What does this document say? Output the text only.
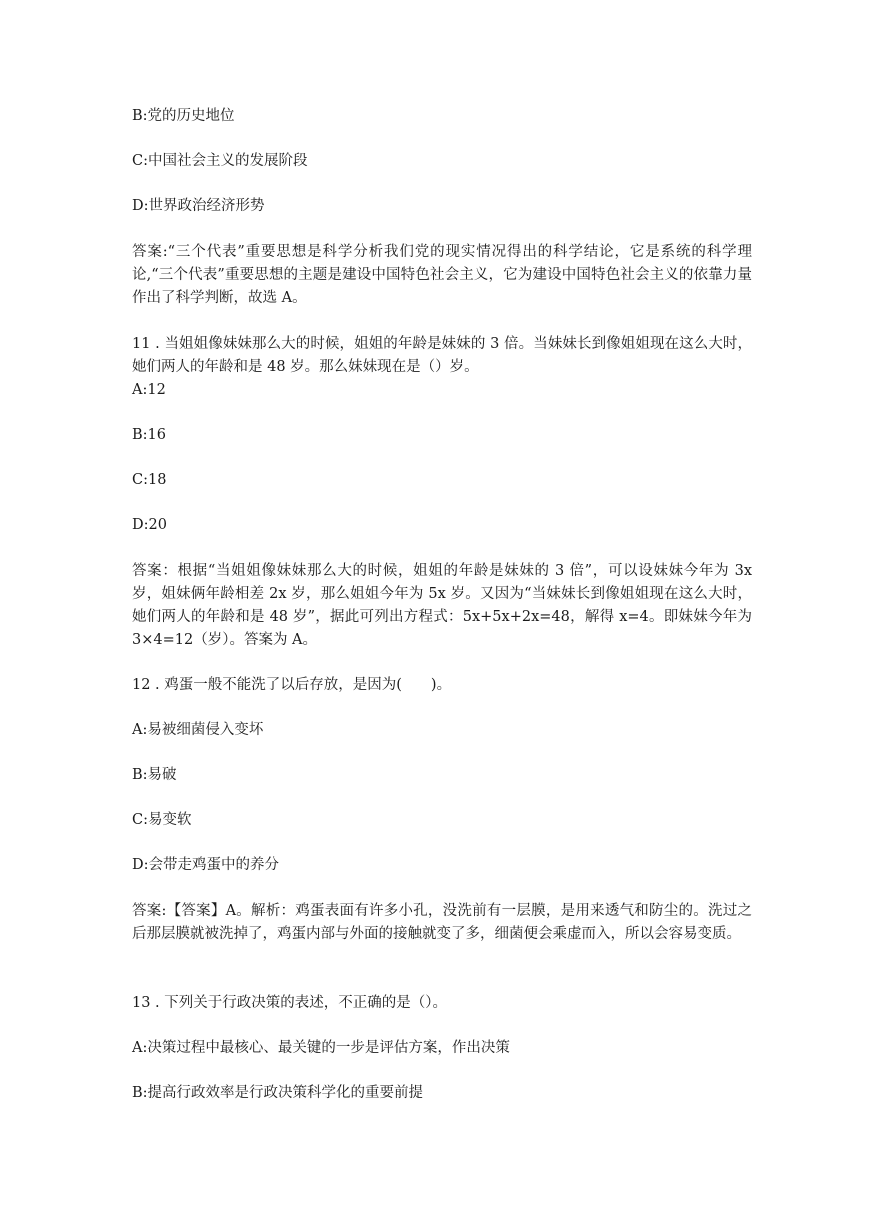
B:党的历史地位
C:中国社会主义的发展阶段
D:世界政治经济形势
答案:“三个代表”重要思想是科学分析我们党的现实情况得出的科学结论，它是系统的科学理论,“三个代表”重要思想的主题是建设中国特色社会主义，它为建设中国特色社会主义的依靠力量作出了科学判断，故选 A。
11 . 当姐姐像妹妹那么大的时候，姐姐的年龄是妹妹的 3 倍。当妹妹长到像姐姐现在这么大时，她们两人的年龄和是 48 岁。那么妹妹现在是（）岁。
A:12
B:16
C:18
D:20
答案：根据“当姐姐像妹妹那么大的时候，姐姐的年龄是妹妹的 3 倍”，可以设妹妹今年为 3x 岁，姐妹俩年龄相差 2x 岁，那么姐姐今年为 5x 岁。又因为“当妹妹长到像姐姐现在这么大时，她们两人的年龄和是 48 岁”，据此可列出方程式：5x+5x+2x=48，解得 x=4。即妹妹今年为 3×4=12（岁）。答案为 A。
12 . 鸡蛋一般不能洗了以后存放，是因为(　　)。
A:易被细菌侵入变坏
B:易破
C:易变软
D:会带走鸡蛋中的养分
答案:【答案】A。解析：鸡蛋表面有许多小孔，没洗前有一层膜，是用来透气和防尘的。洗过之后那层膜就被洗掉了，鸡蛋内部与外面的接触就变了多，细菌便会乘虚而入，所以会容易变质。
13 . 下列关于行政决策的表述，不正确的是（）。
A:决策过程中最核心、最关键的一步是评估方案，作出决策
B:提高行政效率是行政决策科学化的重要前提
